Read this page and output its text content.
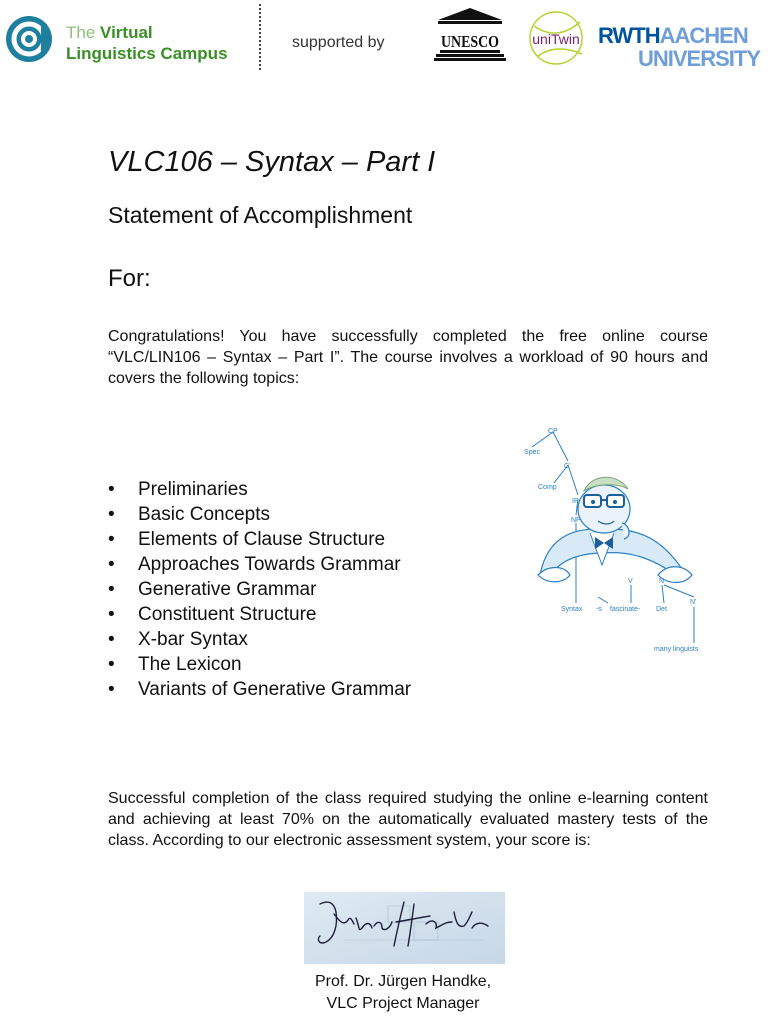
The Virtual
Linguistics Campus
supported by	UNESCO uniTwin RWTHAACHEN
UNIVERSITY
VLC106 – Syntax – Part I
Statement of Accomplishment
For:
Congratulations! You have successfully completed the free online course “VLC/LIN106 – Syntax – Part I”. The course involves a workload of 90 hours and covers the following topics:
• Preliminaries
• Basic Concepts
• Elements of Clause Structure
• Approaches Towards Grammar
• Generative Grammar
• Constituent Structure
• X-bar Syntax
• The Lexicon
• Variants of Generative Grammar
CP
Spec
C'
Comp
IP
NP
V	N
N'
Syntax -s fascinate- Det
many linguists
Successful completion of the class required studying the online e-learning content and achieving at least 70% on the automatically evaluated mastery tests of the class. According to our electronic assessment system, your score is:
Prof. Dr. Jürgen Handke,
VLC Project Manager
